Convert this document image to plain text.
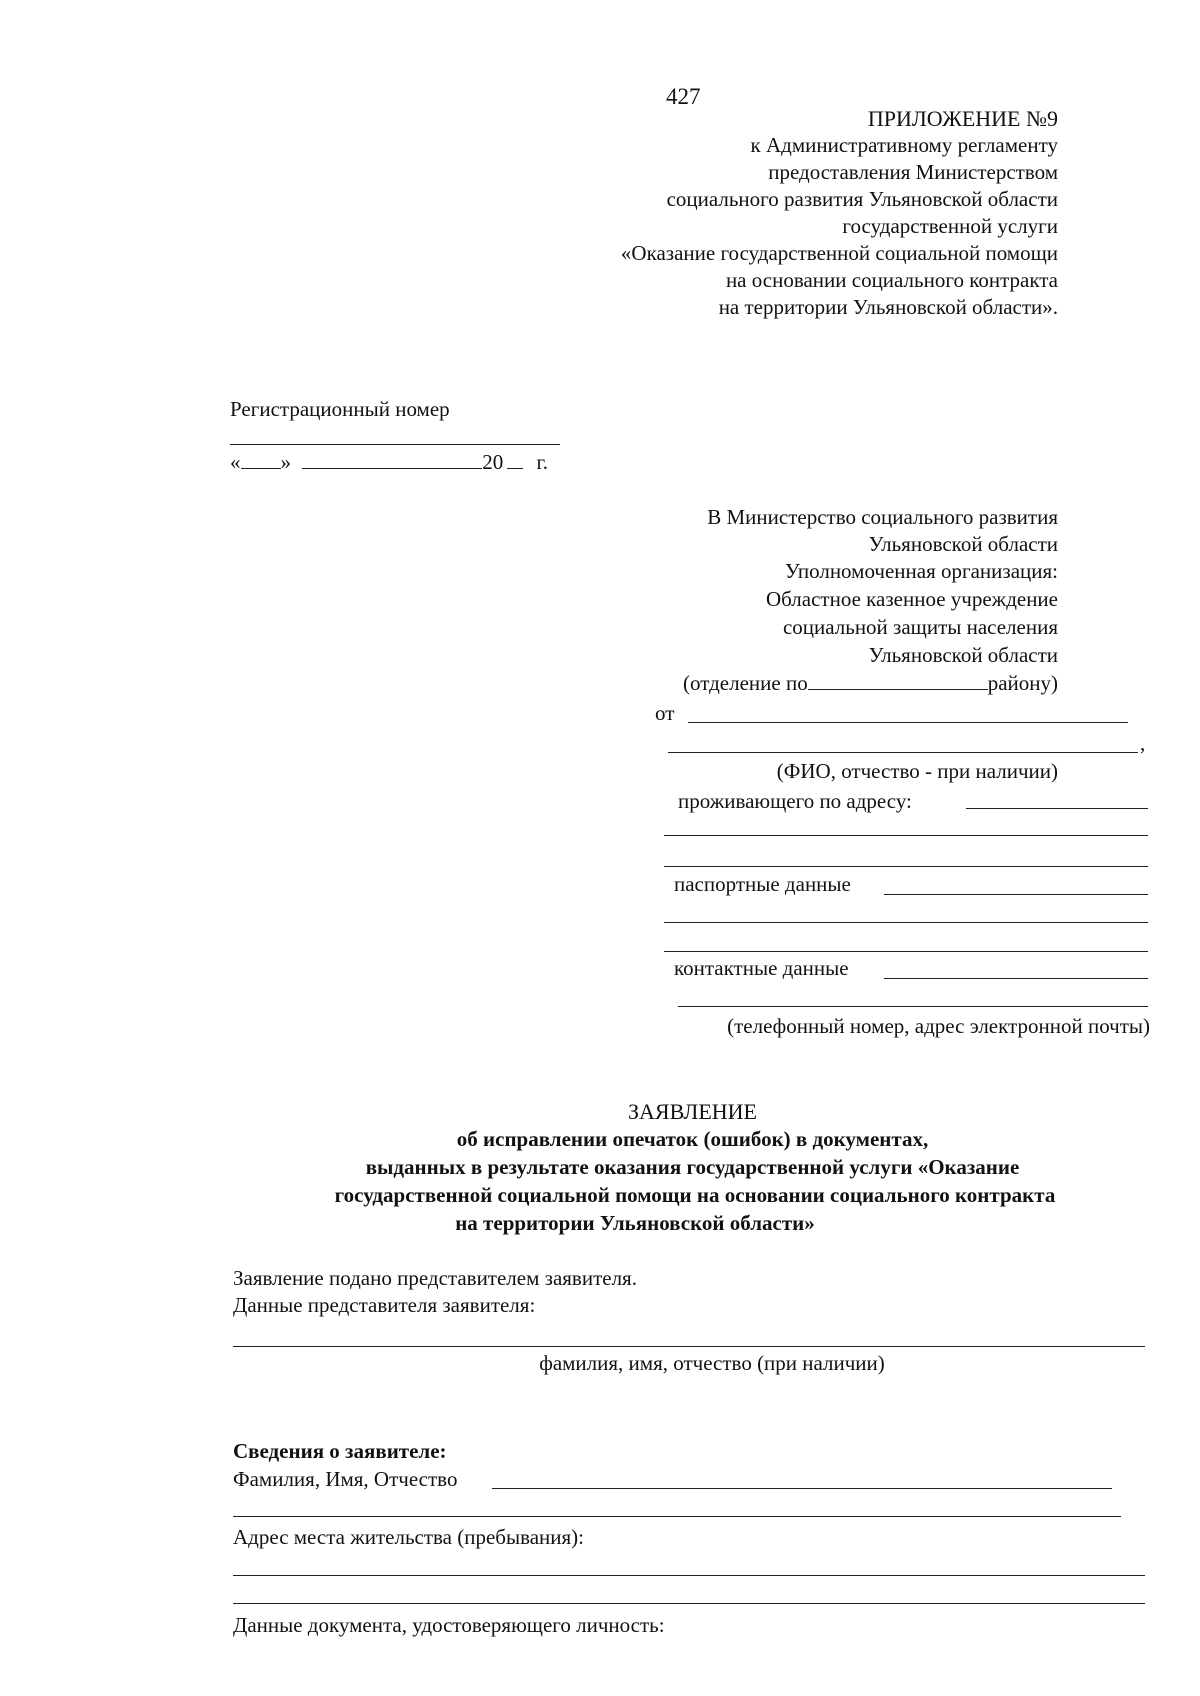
427
ПРИЛОЖЕНИЕ №9
к Административному регламенту
предоставления Министерством
социального развития Ульяновской области
государственной услуги
«Оказание государственной социальной помощи
на основании социального контракта
на территории Ульяновской области».
Регистрационный номер
« »	20 г.
В Министерство социального развития
Ульяновской области
Уполномоченная организация:
Областное казенное учреждение
социальной защиты населения
Ульяновской области
(отделение по	району)
от
,
(ФИО, отчество - при наличии)
проживающего по адресу:
паспортные данные
контактные данные
(телефонный номер, адрес электронной почты)
ЗАЯВЛЕНИЕ
об исправлении опечаток (ошибок) в документах,
выданных в результате оказания государственной услуги «Оказание
государственной социальной помощи на основании социального контракта
на территории Ульяновской области»
Заявление подано представителем заявителя.
Данные представителя заявителя:
фамилия, имя, отчество (при наличии)
Сведения о заявителе:
Фамилия, Имя, Отчество
Адрес места жительства (пребывания):
Данные документа, удостоверяющего личность:
